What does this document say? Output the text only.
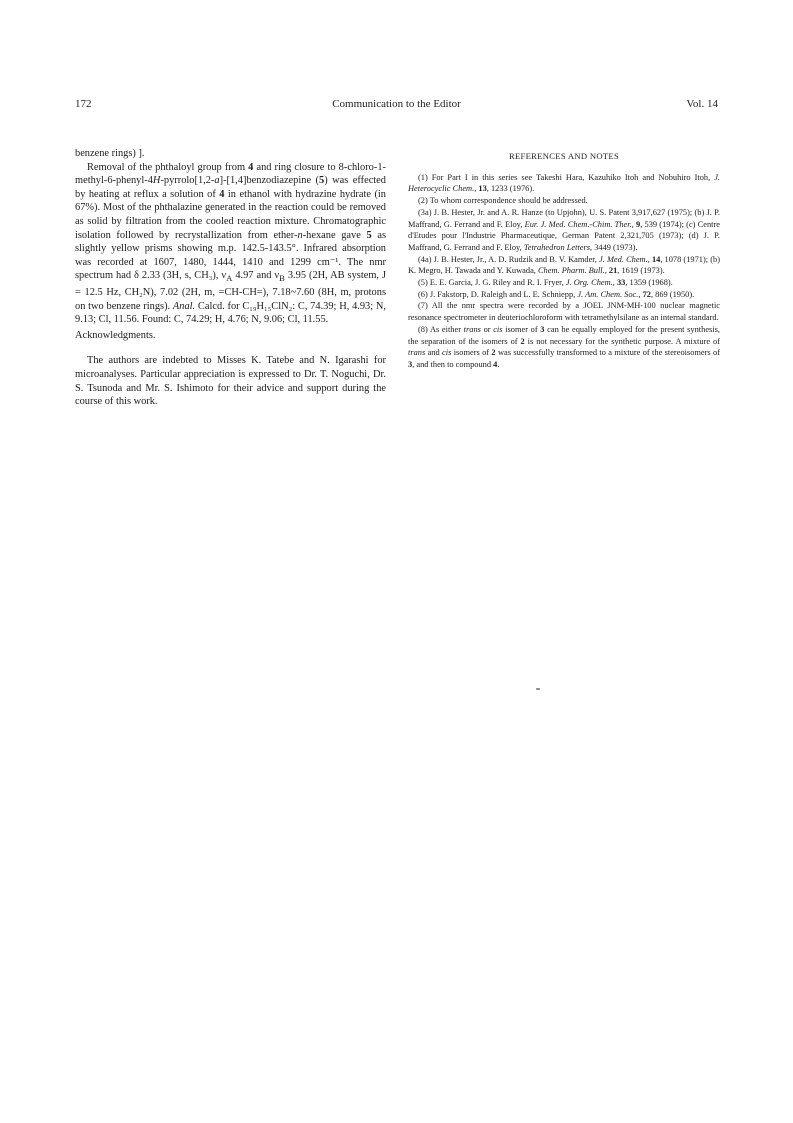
172	Communication to the Editor	Vol. 14

benzene rings) ].

Removal of the phthaloyl group from 4 and ring closure to 8-chloro-1-methyl-6-phenyl-4H-pyrrolo[1,2-a]-[1,4]benzodiazepine (5) was effected by heating at reflux a solution of 4 in ethanol with hydrazine hydrate (in 67%). Most of the phthalazine generated in the reaction could be removed as solid by filtration from the cooled reaction mixture. Chromatographic isolation followed by recrystallization from ether-n-hexane gave 5 as slightly yellow prisms showing m.p. 142.5-143.5°. Infrared absorption was recorded at 1607, 1480, 1444, 1410 and 1299 cm⁻¹. The nmr spectrum had δ 2.33 (3H, s, CH₃), $\nu_A$ 4.97 and $\nu_B$ 3.95 (2H, AB system, J = 12.5 Hz, CH₂N), 7.02 (2H, m, =CH-CH=), 7.18~7.60 (8H, m, protons on two benzene rings). Anal. Calcd. for C₁₉H₁₅ClN₂: C, 74.39; H, 4.93; N, 9.13; Cl, 11.56. Found: C, 74.29; H, 4.76; N, 9.06; Cl, 11.55.

Acknowledgments.

The authors are indebted to Misses K. Tatebe and N. Igarashi for microanalyses. Particular appreciation is expressed to Dr. T. Noguchi, Dr. S. Tsunoda and Mr. S. Ishimoto for their advice and support during the course of this work.

REFERENCES AND NOTES

(1) For Part I in this series see Takeshi Hara, Kazuhiko Itoh and Nobuhiro Itoh, J. Heterocyclic Chem., 13, 1233 (1976).

(2) To whom correspondence should be addressed.

(3a) J. B. Hester, Jr. and A. R. Hanze (to Upjohn), U. S. Patent 3,917,627 (1975); (b) J. P. Maffrand, G. Ferrand and F. Eloy, Eur. J. Med. Chem.-Chim. Ther., 9, 539 (1974); (c) Centre d'Etudes pour l'Industrie Pharmaceutique, German Patent 2,321,705 (1973); (d) J. P. Maffrand, G. Ferrand and F. Eloy, Tetrahedron Letters, 3449 (1973).

(4a) J. B. Hester, Jr., A. D. Rudzik and B. V. Kamder, J. Med. Chem., 14, 1078 (1971); (b) K. Megro, H. Tawada and Y. Kuwada, Chem. Pharm. Bull., 21, 1619 (1973).

(5) E. E. Garcia, J. G. Riley and R. I. Fryer, J. Org. Chem., 33, 1359 (1968).

(6) J. Fakstorp, D. Raleigh and L. E. Schniepp, J. Am. Chem. Soc., 72, 869 (1950).

(7) All the nmr spectra were recorded by a JOEL JNM-MH-100 nuclear magnetic resonance spectrometer in deuteriochloroform with tetramethylsilane as an internal standard.

(8) As either trans or cis isomer of 3 can be equally employed for the present synthesis, the separation of the isomers of 2 is not necessary for the synthetic purpose. A mixture of trans and cis isomers of 2 was successfully transformed to a mixture of the stereoisomers of 3, and then to compound 4.
